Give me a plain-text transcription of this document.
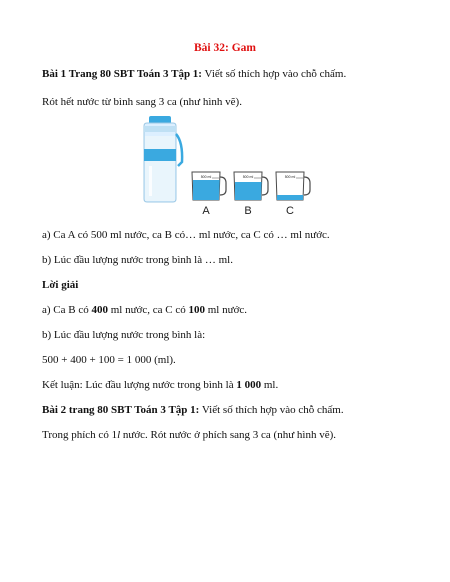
Bài 32: Gam
Bài 1 Trang 80 SBT Toán 3 Tập 1: Viết số thích hợp vào chỗ chấm.
Rót hết nước từ bình sang 3 ca (như hình vẽ).
500 ml
A
500 ml
B
500 ml
C
a) Ca A có 500 ml nước, ca B có… ml nước, ca C có … ml nước.
b) Lúc đầu lượng nước trong bình là … ml.
Lời giải
a) Ca B có 400 ml nước, ca C có 100 ml nước.
b) Lúc đầu lượng nước trong bình là:
500 + 400 + 100 = 1 000 (ml).
Kết luận: Lúc đầu lượng nước trong bình là 1 000 ml.
Bài 2 trang 80 SBT Toán 3 Tập 1: Viết số thích hợp vào chỗ chấm.
Trong phích có 1l nước. Rót nước ở phích sang 3 ca (như hình vẽ).
